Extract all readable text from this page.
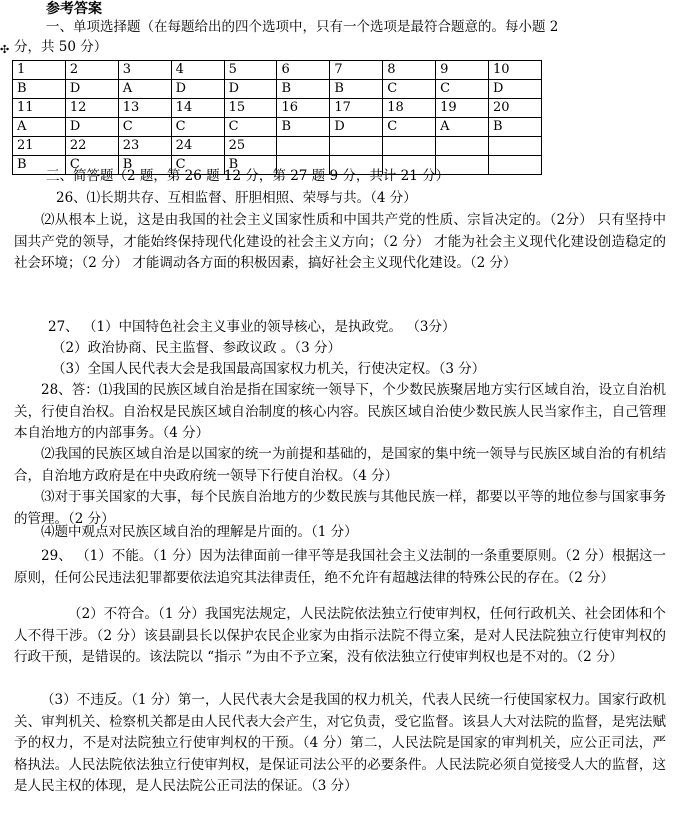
参考答案
一、单项选择题（在每题给出的四个选项中，只有一个选项是最符合题意的。每小题 2
分，共 50 分）
✣
1	2	3	4	5	6	7	8	9	10
B	D	A	D	D	B	B	C	C	D
11	12	13	14	15	16	17	18	19	20
A	D	C	C	C	B	D	C	A	B
21	22	23	24	25					
B	C	B	C	B					
三、简答题（2 题，第 26 题 12 分，第 27 题 9 分，共计 21 分）
26、⑴长期共存、互相监督、肝胆相照、荣辱与共。（4 分）
⑵从根本上说，这是由我国的社会主义国家性质和中国共产党的性质、宗旨决定的。（2分） 只有坚持中国共产党的领导，才能始终保持现代化建设的社会主义方向；（2 分） 才能为社会主义现代化建设创造稳定的社会环境；（2 分） 才能调动各方面的积极因素，搞好社会主义现代化建设。（2 分）
27、 （1）中国特色社会主义事业的领导核心，是执政党。 （3分）
（2）政治协商、民主监督、参政议政 。（3 分）
（3）全国人民代表大会是我国最高国家权力机关，行使决定权。（3 分）
28、答：⑴我国的民族区域自治是指在国家统一领导下，个少数民族聚居地方实行区域自治，设立自治机关，行使自治权。自治权是民族区域自治制度的核心内容。民族区域自治使少数民族人民当家作主，自己管理本自治地方的内部事务。（4 分）
⑵我国的民族区域自治是以国家的统一为前提和基础的，是国家的集中统一领导与民族区域自治的有机结合，自治地方政府是在中央政府统一领导下行使自治权。（4 分）
⑶对于事关国家的大事，每个民族自治地方的少数民族与其他民族一样，都要以平等的地位参与国家事务的管理。（2 分）
⑷题中观点对民族区域自治的理解是片面的。（1 分）
29、 （1）不能。（1 分）因为法律面前一律平等是我国社会主义法制的一条重要原则。（2 分）根据这一原则，任何公民违法犯罪都要依法追究其法律责任，绝不允许有超越法律的特殊公民的存在。（2 分）
（2）不符合。（1 分）我国宪法规定，人民法院依法独立行使审判权，任何行政机关、社会团体和个人不得干涉。（2 分）该县副县长以保护农民企业家为由指示法院不得立案，是对人民法院独立行使审判权的行政干预，是错误的。该法院以 “指示 ”为由不予立案，没有依法独立行使审判权也是不对的。（2 分）
（3）不违反。（1 分）第一，人民代表大会是我国的权力机关，代表人民统一行使国家权力。国家行政机关、审判机关、检察机关都是由人民代表大会产生，对它负责，受它监督。该县人大对法院的监督，是宪法赋予的权力，不是对法院独立行使审判权的干预。（4 分）第二，人民法院是国家的审判机关，应公正司法，严格执法。人民法院依法独立行使审判权，是保证司法公平的必要条件。人民法院必须自觉接受人大的监督，这是人民主权的体现，是人民法院公正司法的保证。（3 分）
